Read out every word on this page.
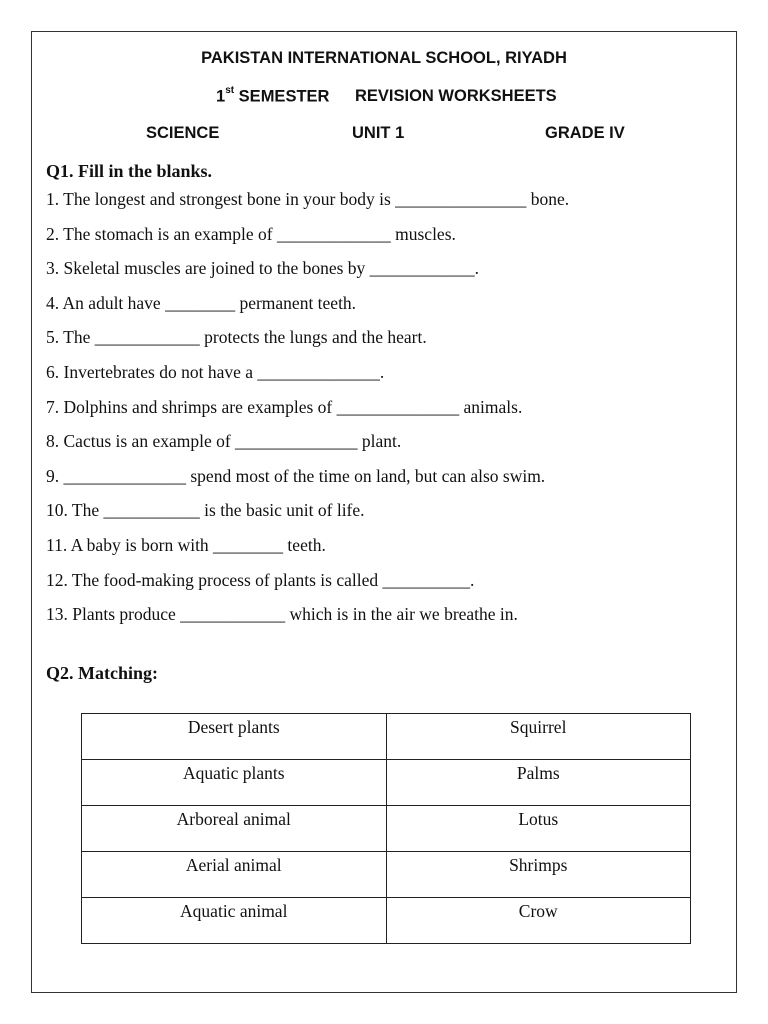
PAKISTAN INTERNATIONAL SCHOOL, RIYADH
1st SEMESTER REVISION WORKSHEETS
SCIENCE	UNIT 1	GRADE IV
Q1. Fill in the blanks.
1. The longest and strongest bone in your body is _______________ bone.
2. The stomach is an example of _____________ muscles.
3. Skeletal muscles are joined to the bones by ____________.
4. An adult have ________ permanent teeth.
5. The ____________ protects the lungs and the heart.
6. Invertebrates do not have a ______________.
7. Dolphins and shrimps are examples of ______________ animals.
8. Cactus is an example of ______________ plant.
9. ______________ spend most of the time on land, but can also swim.
10. The ___________ is the basic unit of life.
11. A baby is born with ________ teeth.
12. The food-making process of plants is called __________.
13. Plants produce ____________ which is in the air we breathe in.
Q2. Matching:
Desert plants	Squirrel
Aquatic plants	Palms
Arboreal animal	Lotus
Aerial animal	Shrimps
Aquatic animal	Crow
